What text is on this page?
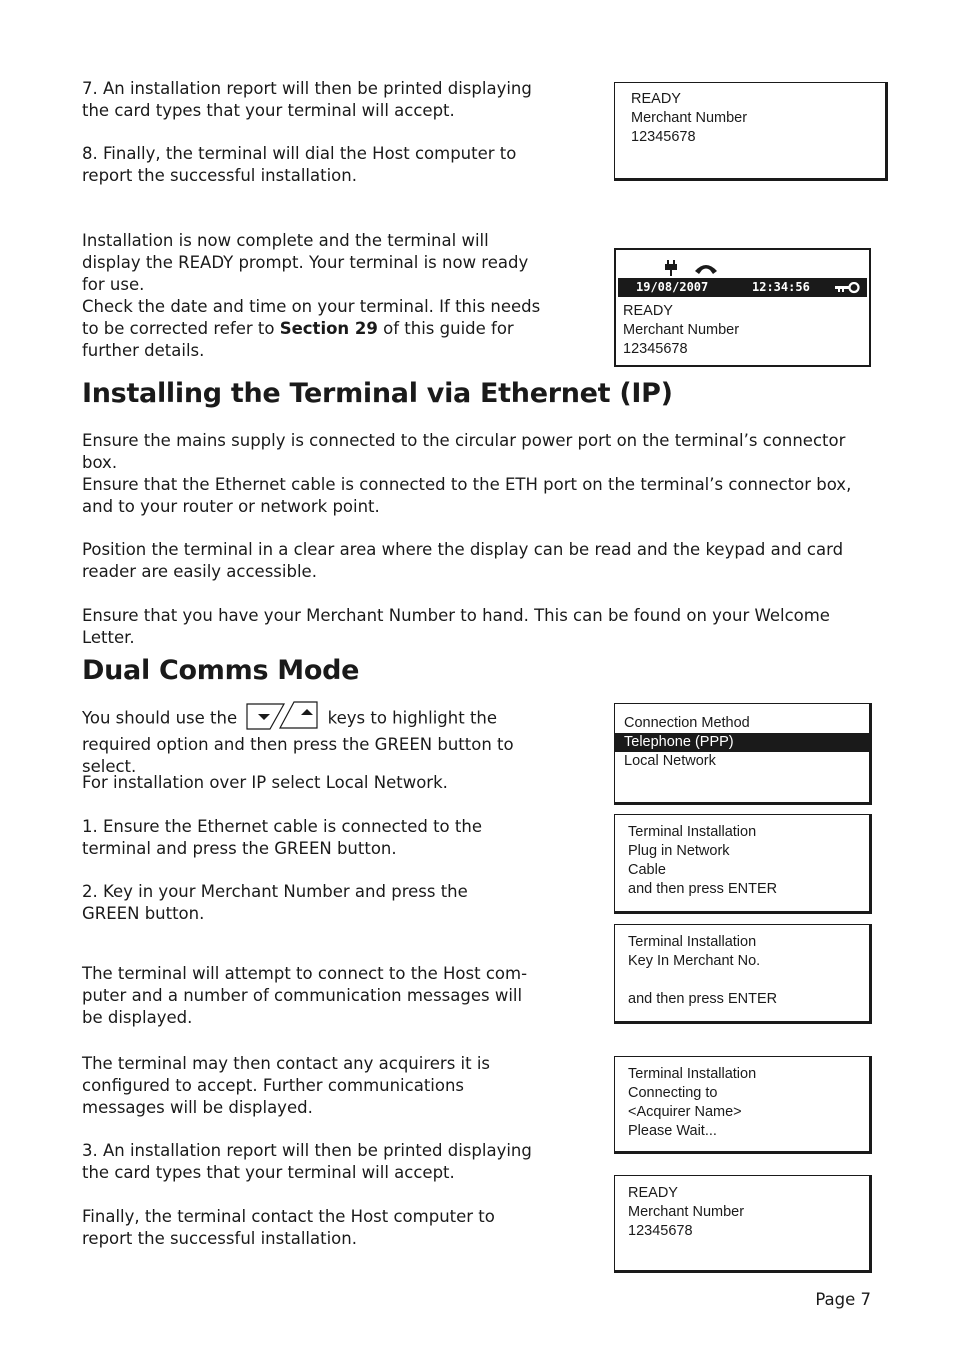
7. An installation report will then be printed displaying the card types that your terminal will accept.
8. Finally, the terminal will dial the Host computer to report the successful installation.
Installation is now complete and the terminal will display the READY prompt. Your terminal is now ready for use.
Check the date and time on your terminal. If this needs to be corrected refer to Section 29 of this guide for further details.
READY
Merchant Number
12345678
19/08/2007	12:34:56
READY
Merchant Number
12345678
Installing the Terminal via Ethernet (IP)
Ensure the mains supply is connected to the circular power port on the terminal’s connector box.
Ensure that the Ethernet cable is connected to the ETH port on the terminal’s connector box, and to your router or network point.
Position the terminal in a clear area where the display can be read and the keypad and card reader are easily accessible.
Ensure that you have your Merchant Number to hand. This can be found on your Welcome Letter.
Dual Comms Mode
You should use the	keys to highlight the
required option and then press the GREEN button to select.
For installation over IP select Local Network.
1. Ensure the Ethernet cable is connected to the terminal and press the GREEN button.
2. Key in your Merchant Number and press the GREEN button.
The terminal will attempt to connect to the Host com- puter and a number of communication messages will be displayed.
The terminal may then contact any acquirers it is configured to accept. Further communications messages will be displayed.
3. An installation report will then be printed displaying the card types that your terminal will accept.
Finally, the terminal contact the Host computer to report the successful installation.
Connection Method
Telephone (PPP)
Local Network
Terminal Installation
Plug in Network
Cable
and then press ENTER
Terminal Installation
Key In Merchant No.
and then press ENTER
Terminal Installation
Connecting to
<Acquirer Name>
Please Wait...
READY
Merchant Number
12345678
Page 7
